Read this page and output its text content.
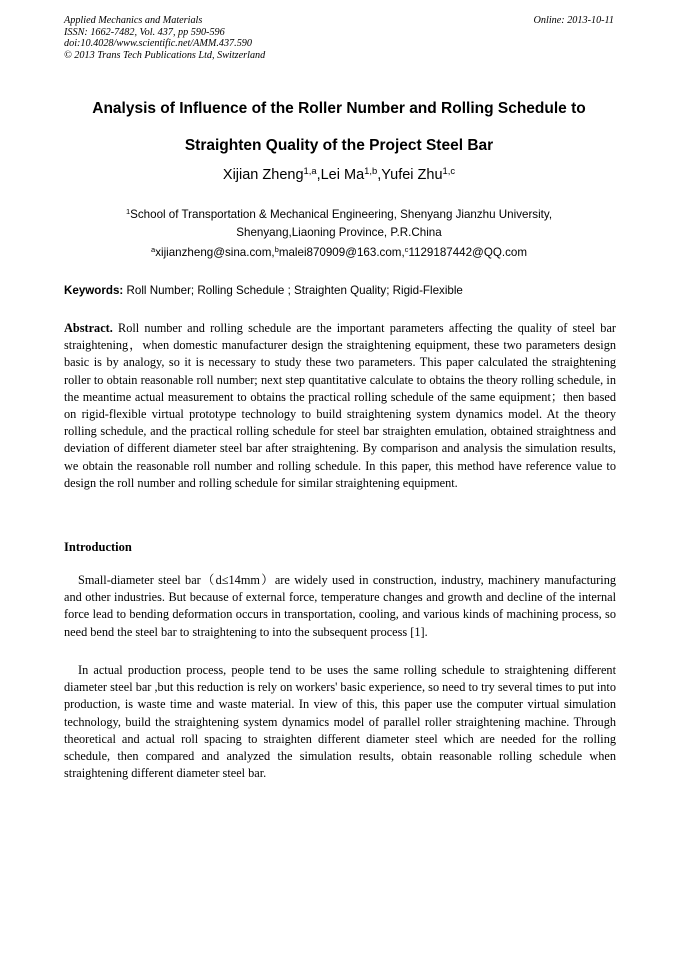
Applied Mechanics and Materials
ISSN: 1662-7482, Vol. 437, pp 590-596
doi:10.4028/www.scientific.net/AMM.437.590
© 2013 Trans Tech Publications Ltd, Switzerland
Online: 2013-10-11
Analysis of Influence of the Roller Number and Rolling Schedule to
Straighten Quality of the Project Steel Bar
Xijian Zheng$^{1,a}$,Lei Ma$^{1,b}$,Yufei Zhu$^{1,c}$
$^1$School of Transportation & Mechanical Engineering, Shenyang Jianzhu University,
Shenyang,Liaoning Province, P.R.China
$^a$xijianzheng@sina.com,$^b$malei870909@163.com,$^c$1129187442@QQ.com
Keywords: Roll Number; Rolling Schedule ; Straighten Quality; Rigid-Flexible

Abstract. Roll number and rolling schedule are the important parameters affecting the quality of steel bar straightening，when domestic manufacturer design the straightening equipment, these two parameters design basic is by analogy, so it is necessary to study these two parameters. This paper calculated the straightening roller to obtain reasonable roll number; next step quantitative calculate to obtains the theory rolling schedule, in the meantime actual measurement to obtains the practical rolling schedule of the same equipment；then based on rigid-flexible virtual prototype technology to build straightening system dynamics model. At the theory rolling schedule, and the practical rolling schedule for steel bar straighten emulation, obtained straightness and deviation of different diameter steel bar after straightening. By comparison and analysis the simulation results, we obtain the reasonable roll number and rolling schedule. In this paper, this method have reference value to design the roll number and rolling schedule for similar straightening equipment.

Introduction

Small-diameter steel bar（d≤14mm）are widely used in construction, industry, machinery manufacturing and other industries. But because of external force, temperature changes and growth and decline of the internal force lead to bending deformation occurs in transportation, cooling, and various kinds of machining process, so need bend the steel bar to straightening to into the subsequent process [1].

In actual production process, people tend to be uses the same rolling schedule to straightening different diameter steel bar ,but this reduction is rely on workers' basic experience, so need to try several times to put into production, is waste time and waste material. In view of this, this paper use the computer virtual simulation technology, build the straightening system dynamics model of parallel roller straightening machine. Through theoretical and actual roll spacing to straighten different diameter steel which are needed for the rolling schedule, then compared and analyzed the simulation results, obtain reasonable rolling schedule when straightening different diameter steel bar.
